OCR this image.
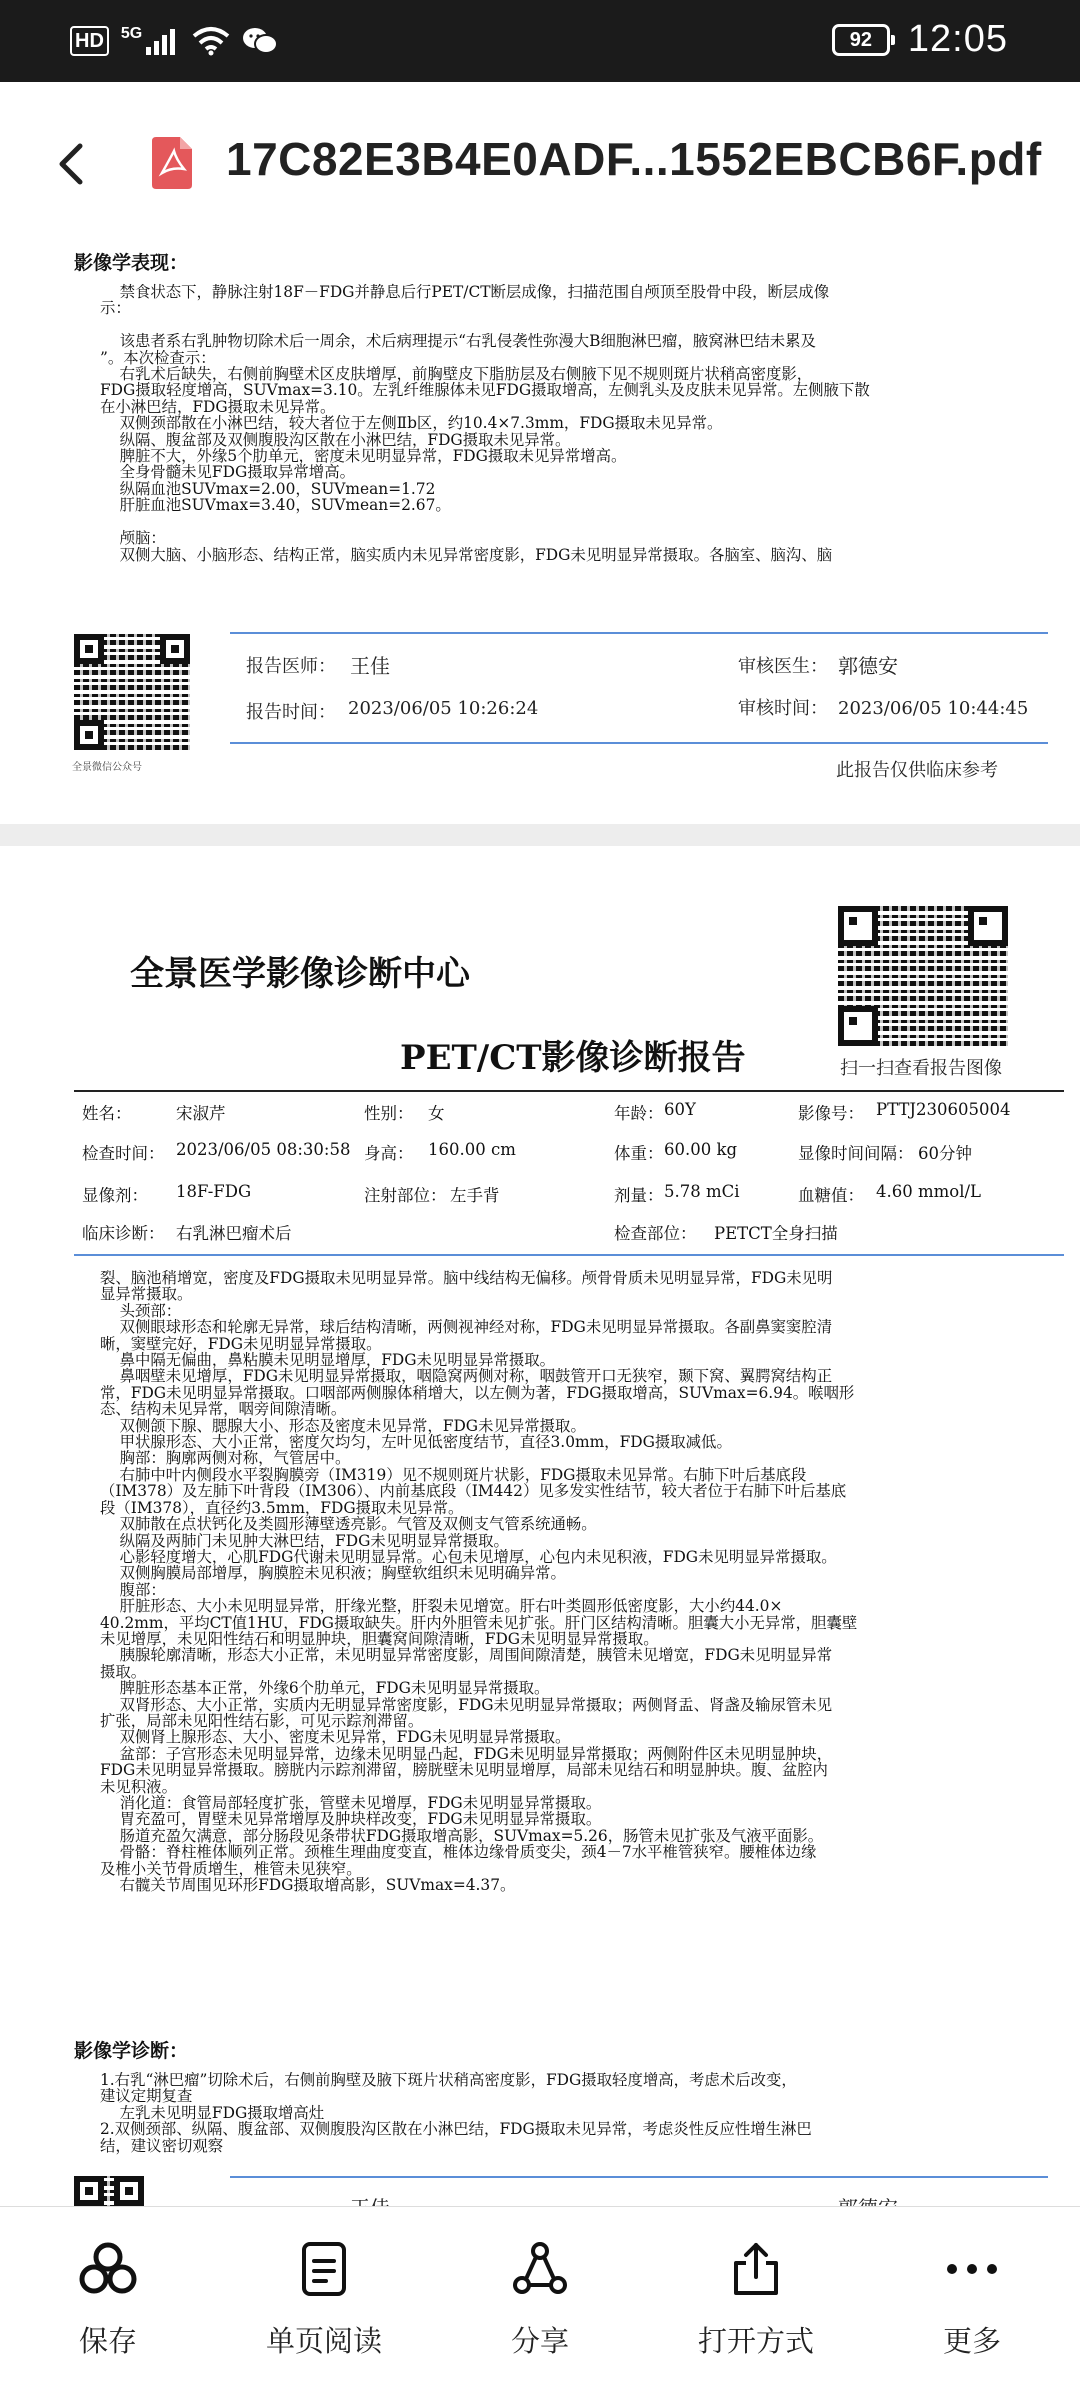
HD	5G	92 12:05
17C82E3B4E0ADF...1552EBCB6F.pdf
影像学表现：
禁食状态下，静脉注射18F－FDG并静息后行PET/CT断层成像，扫描范围自颅顶至股骨中段，断层成像
示：

该患者系右乳肿物切除术后一周余，术后病理提示“右乳侵袭性弥漫大B细胞淋巴瘤，腋窝淋巴结未累及
”。本次检查示：
右乳术后缺失，右侧前胸壁术区皮肤增厚，前胸壁皮下脂肪层及右侧腋下见不规则斑片状稍高密度影，
FDG摄取轻度增高，SUVmax=3.10。左乳纤维腺体未见FDG摄取增高，左侧乳头及皮肤未见异常。左侧腋下散
在小淋巴结，FDG摄取未见异常。
双侧颈部散在小淋巴结，较大者位于左侧Ⅱb区，约10.4×7.3mm，FDG摄取未见异常。
纵隔、腹盆部及双侧腹股沟区散在小淋巴结，FDG摄取未见异常。
脾脏不大，外缘5个肋单元，密度未见明显异常，FDG摄取未见异常增高。
全身骨髓未见FDG摄取异常增高。
纵隔血池SUVmax=2.00，SUVmean=1.72
肝脏血池SUVmax=3.40，SUVmean=2.67。

颅脑：
双侧大脑、小脑形态、结构正常，脑实质内未见异常密度影，FDG未见明显异常摄取。各脑室、脑沟、脑
全景微信公众号
报告医师： 王佳	审核医生： 郭德安
报告时间： 2023/06/05 10:26:24	审核时间： 2023/06/05 10:44:45
此报告仅供临床参考
全景医学影像诊断中心
PET/CT影像诊断报告	扫一扫查看报告图像
姓名：	宋淑芹	性别： 女	年龄： 60Y	影像号： PTTJ230605004
检查时间： 2023/06/05 08:30:58 身高： 160.00 cm	体重： 60.00 kg	显像时间间隔： 60分钟
显像剂： 18F-FDG	注射部位： 左手背	剂量： 5.78 mCi	血糖值： 4.60 mmol/L
临床诊断： 右乳淋巴瘤术后	检查部位： PETCT全身扫描
裂、脑池稍增宽，密度及FDG摄取未见明显异常。脑中线结构无偏移。颅骨骨质未见明显异常，FDG未见明
显异常摄取。
头颈部：
双侧眼球形态和轮廓无异常，球后结构清晰，两侧视神经对称，FDG未见明显异常摄取。各副鼻窦窦腔清
晰，窦壁完好，FDG未见明显异常摄取。
鼻中隔无偏曲，鼻粘膜未见明显增厚，FDG未见明显异常摄取。
鼻咽壁未见增厚，FDG未见明显异常摄取，咽隐窝两侧对称，咽鼓管开口无狭窄，颞下窝、翼腭窝结构正
常，FDG未见明显异常摄取。口咽部两侧腺体稍增大，以左侧为著，FDG摄取增高，SUVmax=6.94。喉咽形
态、结构未见异常，咽旁间隙清晰。
双侧颌下腺、腮腺大小、形态及密度未见异常，FDG未见异常摄取。
甲状腺形态、大小正常，密度欠均匀，左叶见低密度结节，直径3.0mm，FDG摄取减低。
胸部：胸廓两侧对称，气管居中。
右肺中叶内侧段水平裂胸膜旁（IM319）见不规则斑片状影，FDG摄取未见异常。右肺下叶后基底段
（IM378）及左肺下叶背段（IM306）、内前基底段（IM442）见多发实性结节，较大者位于右肺下叶后基底
段（IM378），直径约3.5mm，FDG摄取未见异常。
双肺散在点状钙化及类圆形薄壁透亮影。气管及双侧支气管系统通畅。
纵隔及两肺门未见肿大淋巴结，FDG未见明显异常摄取。
心影轻度增大，心肌FDG代谢未见明显异常。心包未见增厚，心包内未见积液，FDG未见明显异常摄取。
双侧胸膜局部增厚，胸膜腔未见积液；胸壁软组织未见明确异常。
腹部：
肝脏形态、大小未见明显异常，肝缘光整，肝裂未见增宽。肝右叶类圆形低密度影，大小约44.0×
40.2mm，平均CT值1HU，FDG摄取缺失。肝内外胆管未见扩张。肝门区结构清晰。胆囊大小无异常，胆囊壁
未见增厚，未见阳性结石和明显肿块，胆囊窝间隙清晰，FDG未见明显异常摄取。
胰腺轮廓清晰，形态大小正常，未见明显异常密度影，周围间隙清楚，胰管未见增宽，FDG未见明显异常
摄取。
脾脏形态基本正常，外缘6个肋单元，FDG未见明显异常摄取。
双肾形态、大小正常，实质内无明显异常密度影，FDG未见明显异常摄取；两侧肾盂、肾盏及输尿管未见
扩张，局部未见阳性结石影，可见示踪剂滞留。
双侧肾上腺形态、大小、密度未见异常，FDG未见明显异常摄取。
盆部：子宫形态未见明显异常，边缘未见明显凸起，FDG未见明显异常摄取；两侧附件区未见明显肿块，
FDG未见明显异常摄取。膀胱内示踪剂滞留，膀胱壁未见明显增厚，局部未见结石和明显肿块。腹、盆腔内
未见积液。
消化道：食管局部轻度扩张，管壁未见增厚，FDG未见明显异常摄取。
胃充盈可，胃壁未见异常增厚及肿块样改变，FDG未见明显异常摄取。
肠道充盈欠满意，部分肠段见条带状FDG摄取增高影，SUVmax=5.26，肠管未见扩张及气液平面影。
骨骼：脊柱椎体顺列正常。颈椎生理曲度变直，椎体边缘骨质变尖，颈4－7水平椎管狭窄。腰椎体边缘
及椎小关节骨质增生，椎管未见狭窄。
右髋关节周围见环形FDG摄取增高影，SUVmax=4.37。
影像学诊断：
1.右乳“淋巴瘤”切除术后，右侧前胸壁及腋下斑片状稍高密度影，FDG摄取轻度增高，考虑术后改变，
建议定期复查
左乳未见明显FDG摄取增高灶
2.双侧颈部、纵隔、腹盆部、双侧腹股沟区散在小淋巴结，FDG摄取未见异常，考虑炎性反应性增生淋巴
结，建议密切观察
保存	单页阅读	分享	打开方式	更多
